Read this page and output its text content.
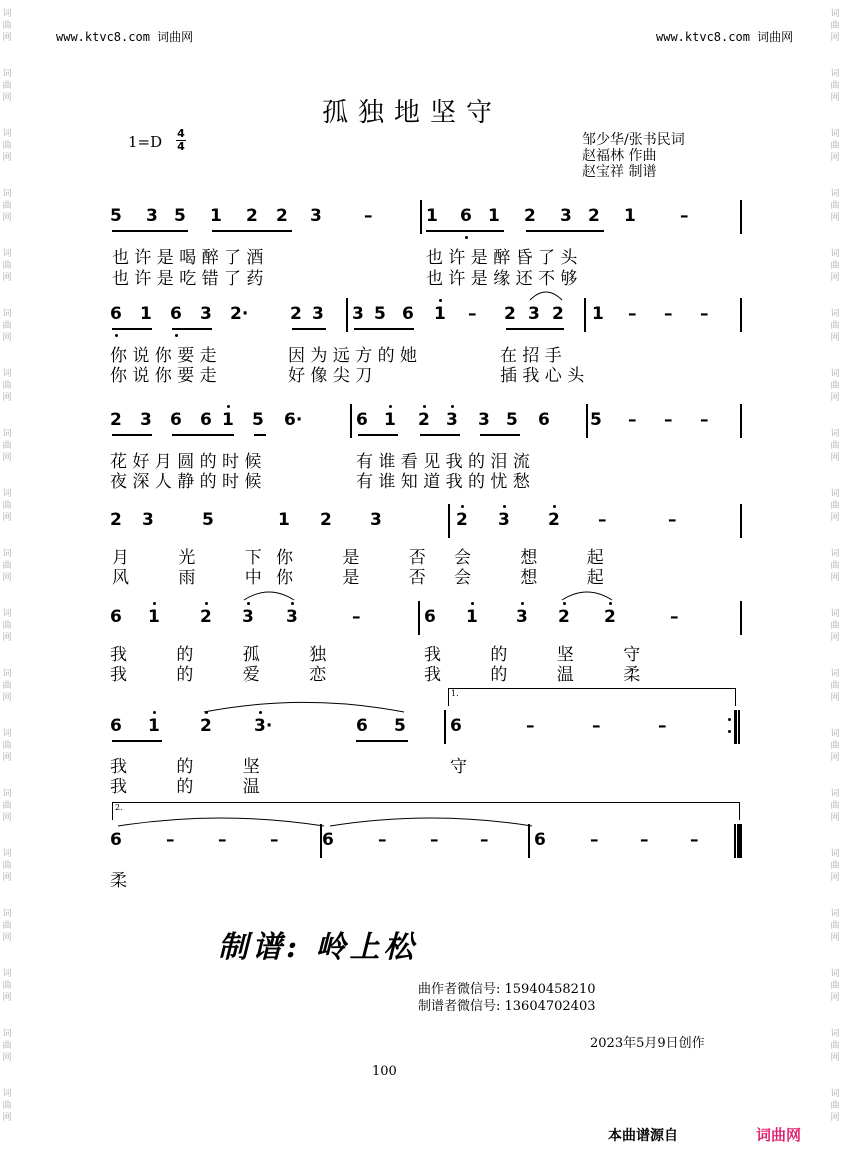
词
曲
网
词
曲
网
词
曲
网
词
曲
网
词
曲
网
词
曲
网
词
曲
网
词
曲
网
词
曲
网
词
曲
网
词
曲
网
词
曲
网
词
曲
网
词
曲
网
词
曲
网
词
曲
网
词
曲
网
词
曲
网
词
曲
网
词
曲
网
词
曲
网
词
曲
网
词
曲
网
词
曲
网
词
曲
网
词
曲
网
词
曲
网
词
曲
网
词
曲
网
词
曲
网
词
曲
网
词
曲
网
词
曲
网
词
曲
网
词
曲
网
词
曲
网
词
曲
网
词
曲
网
www.ktvc8.com 词曲网	www.ktvc8.com 词曲网
孤独地坚守
1=D 4
4	邹少华/张书民词
赵福林 作曲
赵宝祥 制谱
5 3 5 1 2 2 3 –	1 6 1 2 3 2 1	–
6 1 6 3 2· 2 3 3 5 6 1 – 2 3 2 1 – – –
2 3 6 6 1 5 6·	6 1 2 3 3 5 6 5 – – –
2 3	5	1 2 3	2 3 2 –	–
6 1 2 3 3	–	6 1 3 2 2	–
6 1 2 3·	6 5	6	–	–	–
6	–	–	–	6	–	– –	6	– – –
1.
2.
也 许 是 喝 醉 了 酒	也 许 是 醉 昏 了 头
也 许 是 吃 错 了 药	也 许 是 缘 还 不 够
你 说 你 要 走	因 为 远 方 的 她	在 招 手
你 说 你 要 走	好 像 尖 刀	插 我 心 头
花 好 月 圆 的 时 候	有 谁 看 见 我 的 泪 流
夜 深 人 静 的 时 候	有 谁 知 道 我 的 忧 愁
月 光 下
你 是 否 会 想 起
风 雨 中
你 是 否 会 想 起
我 的 孤 独	我 的 坚 守
我 的 爱 恋	我 的 温 柔
我 的 坚	守
我 的 温
柔
制谱: 岭上松
曲作者微信号: 15940458210
制谱者微信号: 13604702403
2023年5月9日创作
100
本曲谱源自	词曲网
